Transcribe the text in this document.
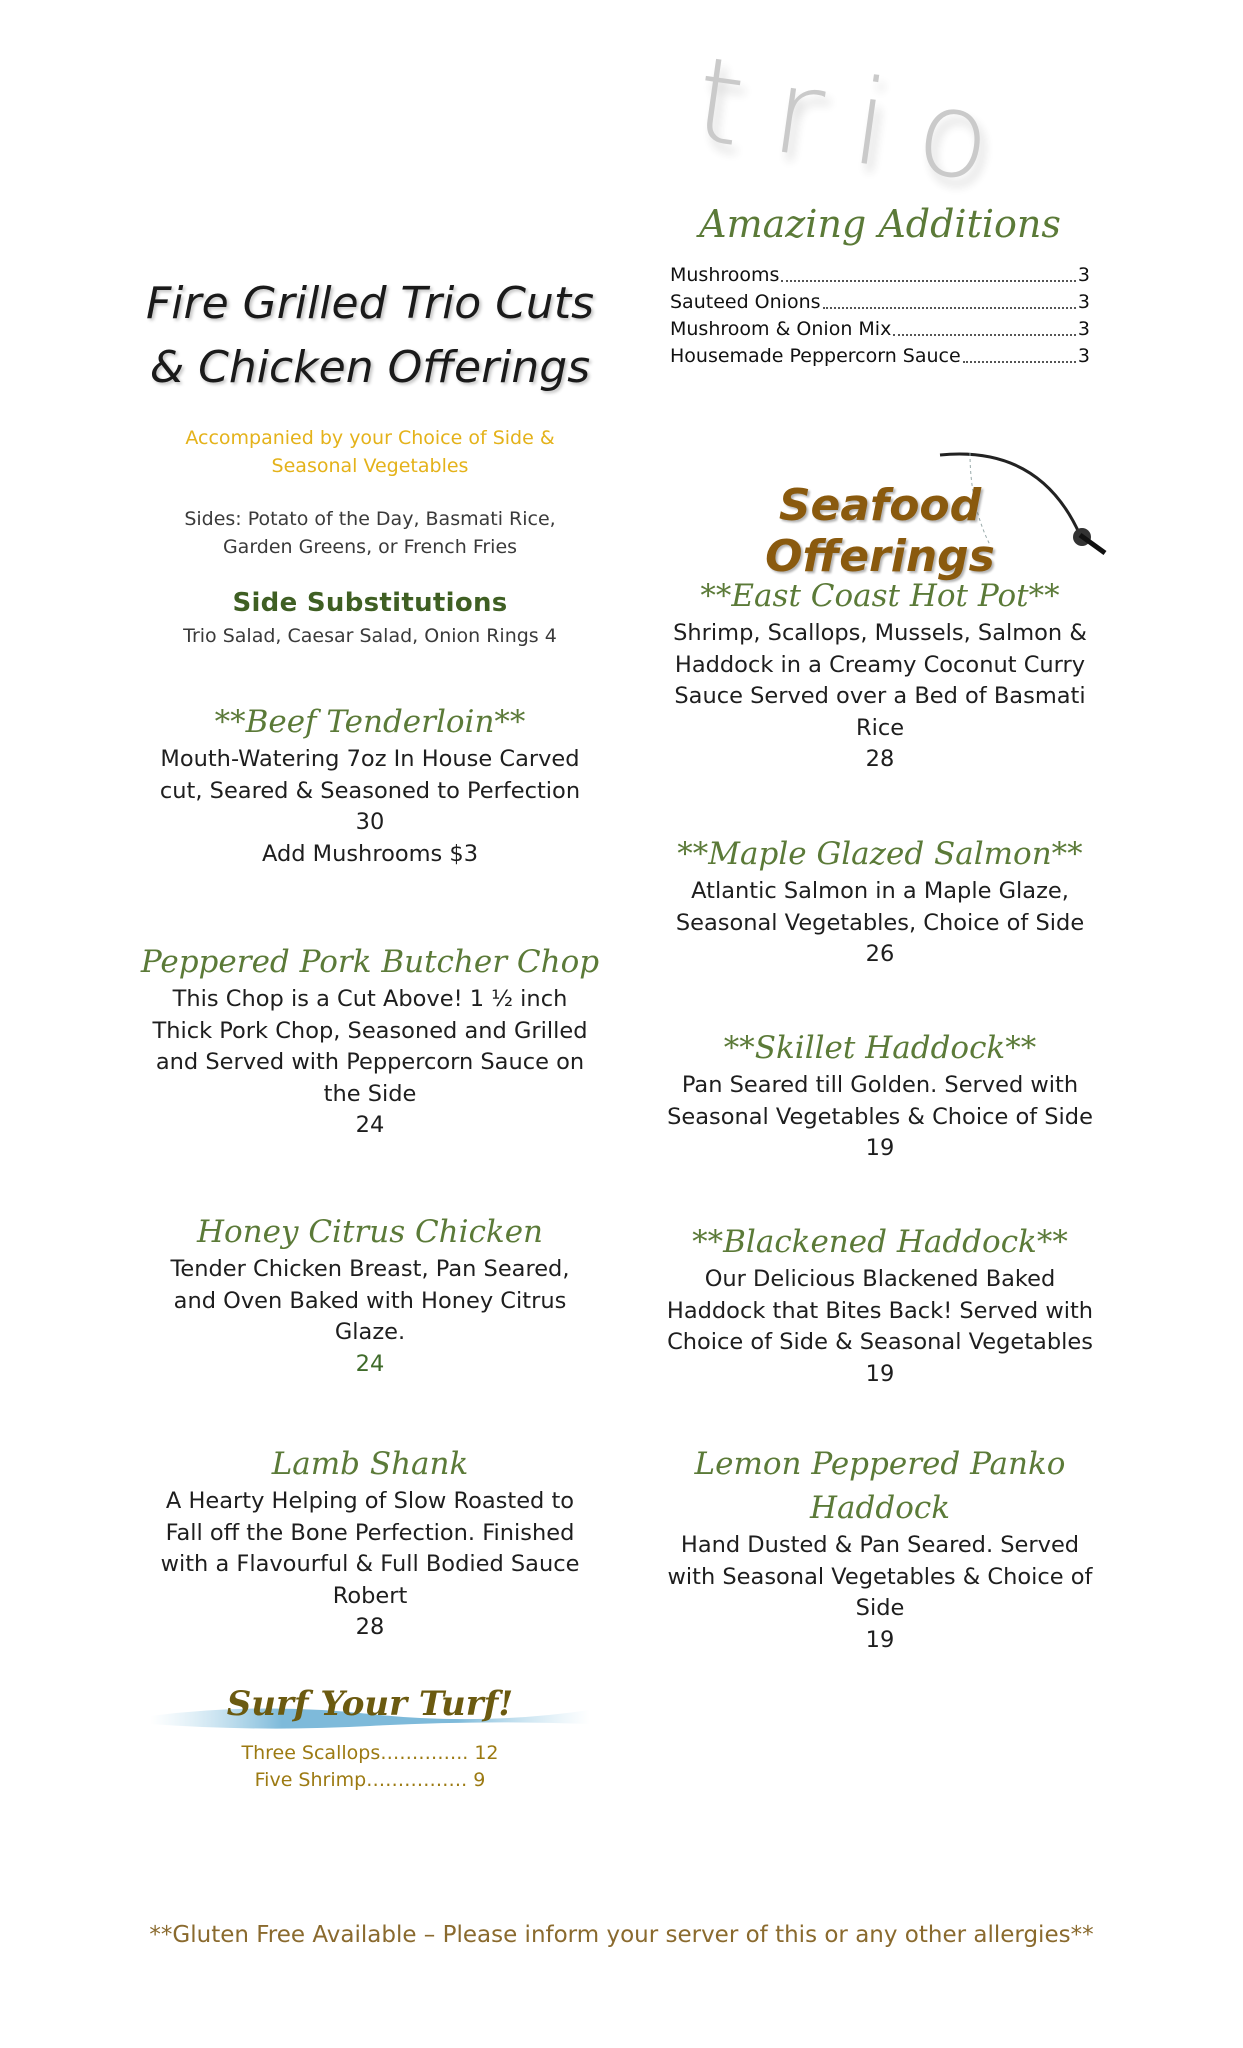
trio
Fire Grilled Trio Cuts
& Chicken Offerings
Accompanied by your Choice of Side &
Seasonal Vegetables
Sides: Potato of the Day, Basmati Rice,
Garden Greens, or French Fries
Side Substitutions
Trio Salad, Caesar Salad, Onion Rings 4
**Beef Tenderloin**
Mouth-Watering 7oz In House Carved
cut, Seared & Seasoned to Perfection
30
Add Mushrooms $3
Peppered Pork Butcher Chop
This Chop is a Cut Above! 1 ½ inch
Thick Pork Chop, Seasoned and Grilled
and Served with Peppercorn Sauce on
the Side
24
Honey Citrus Chicken
Tender Chicken Breast, Pan Seared,
and Oven Baked with Honey Citrus
Glaze.
24
Lamb Shank
A Hearty Helping of Slow Roasted to
Fall off the Bone Perfection. Finished
with a Flavourful & Full Bodied Sauce
Robert
28
Surf Your Turf!
Three Scallops………….. 12
Five Shrimp……………. 9
Amazing Additions
Mushrooms	3
Sauteed Onions	3
Mushroom & Onion Mix	3
Housemade Peppercorn Sauce	3
Seafood Offerings
**East Coast Hot Pot**
Shrimp, Scallops, Mussels, Salmon &
Haddock in a Creamy Coconut Curry
Sauce Served over a Bed of Basmati
Rice
28
**Maple Glazed Salmon**
Atlantic Salmon in a Maple Glaze,
Seasonal Vegetables, Choice of Side
26
**Skillet Haddock**
Pan Seared till Golden. Served with
Seasonal Vegetables & Choice of Side
19
**Blackened Haddock**
Our Delicious Blackened Baked
Haddock that Bites Back! Served with
Choice of Side & Seasonal Vegetables
19
Lemon Peppered Panko
Haddock
Hand Dusted & Pan Seared. Served
with Seasonal Vegetables & Choice of
Side
19
**Gluten Free Available – Please inform your server of this or any other allergies**
